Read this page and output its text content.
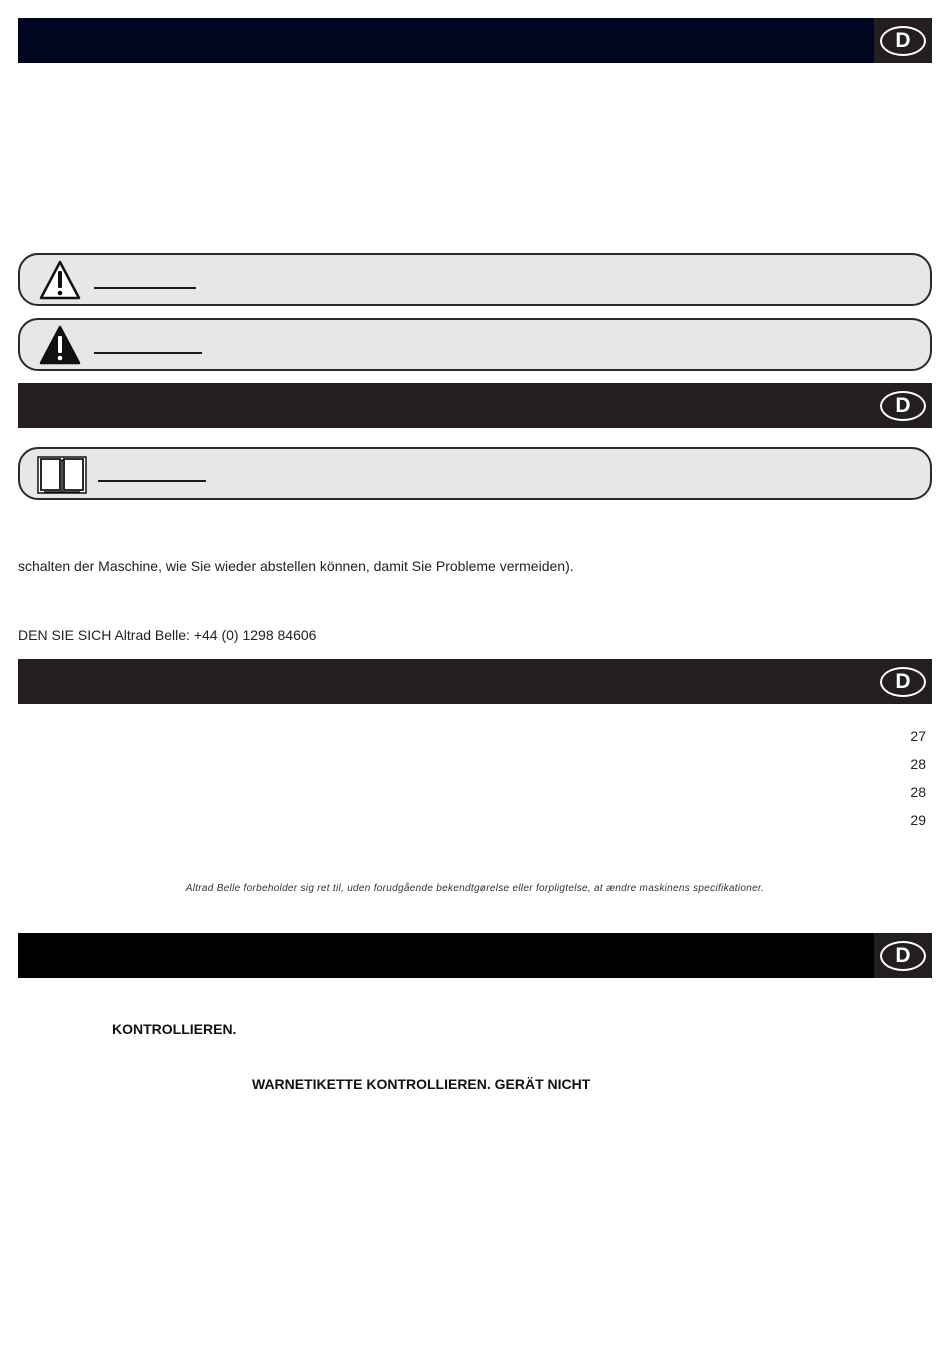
D
D
schalten der Maschine, wie Sie wieder abstellen können, damit Sie Probleme vermeiden).
DEN SIE SICH Altrad Belle: +44 (0) 1298 84606
D
27
28
28
29
Altrad Belle forbeholder sig ret til, uden forudgående bekendtgørelse eller forpligtelse, at ændre maskinens specifikationer.
D
KONTROLLIEREN.
WARNETIKETTE KONTROLLIEREN. GERÄT NICHT
